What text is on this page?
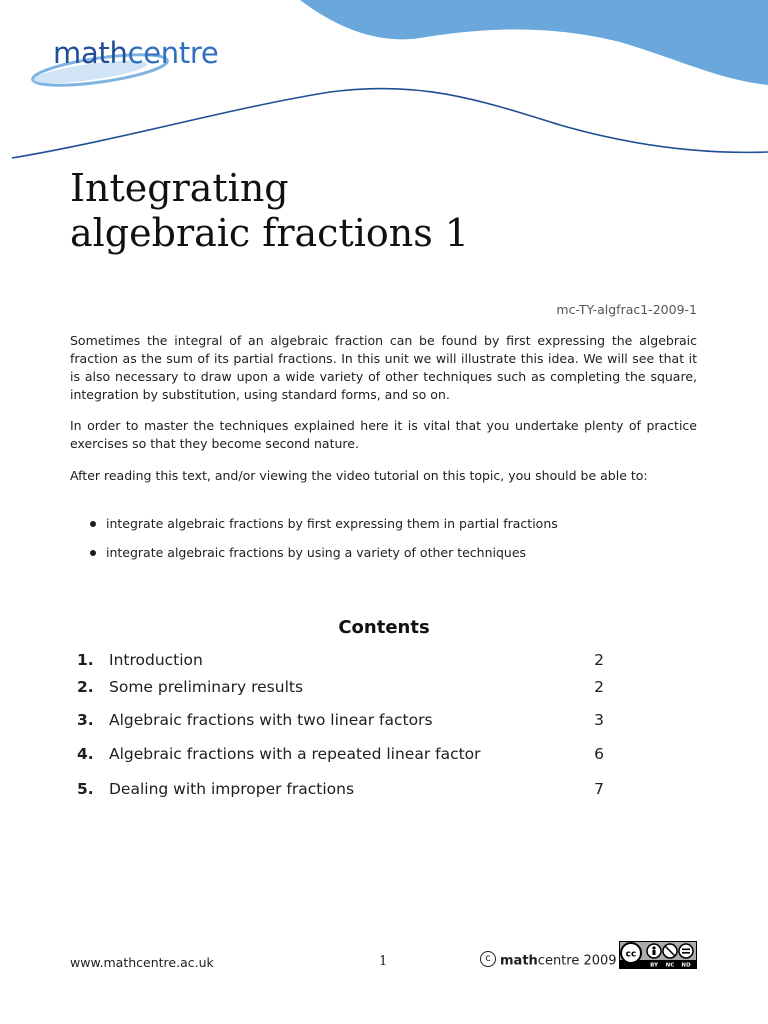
mathcentre
Integrating
algebraic fractions 1
mc-TY-algfrac1-2009-1

Sometimes the integral of an algebraic fraction can be found by first expressing the algebraic fraction as the sum of its partial fractions. In this unit we will illustrate this idea. We will see that it is also necessary to draw upon a wide variety of other techniques such as completing the square, integration by substitution, using standard forms, and so on.

In order to master the techniques explained here it is vital that you undertake plenty of practice exercises so that they become second nature.

After reading this text, and/or viewing the video tutorial on this topic, you should be able to:

integrate algebraic fractions by first expressing them in partial fractions
integrate algebraic fractions by using a variety of other techniques
Contents
1. Introduction	2
2. Some preliminary results	2
3. Algebraic fractions with two linear factors	3
4. Algebraic fractions with a repeated linear factor	6
5. Dealing with improper fractions	7
www.mathcentre.ac.uk	1	c mathcentre 2009 cc
BY NC ND
